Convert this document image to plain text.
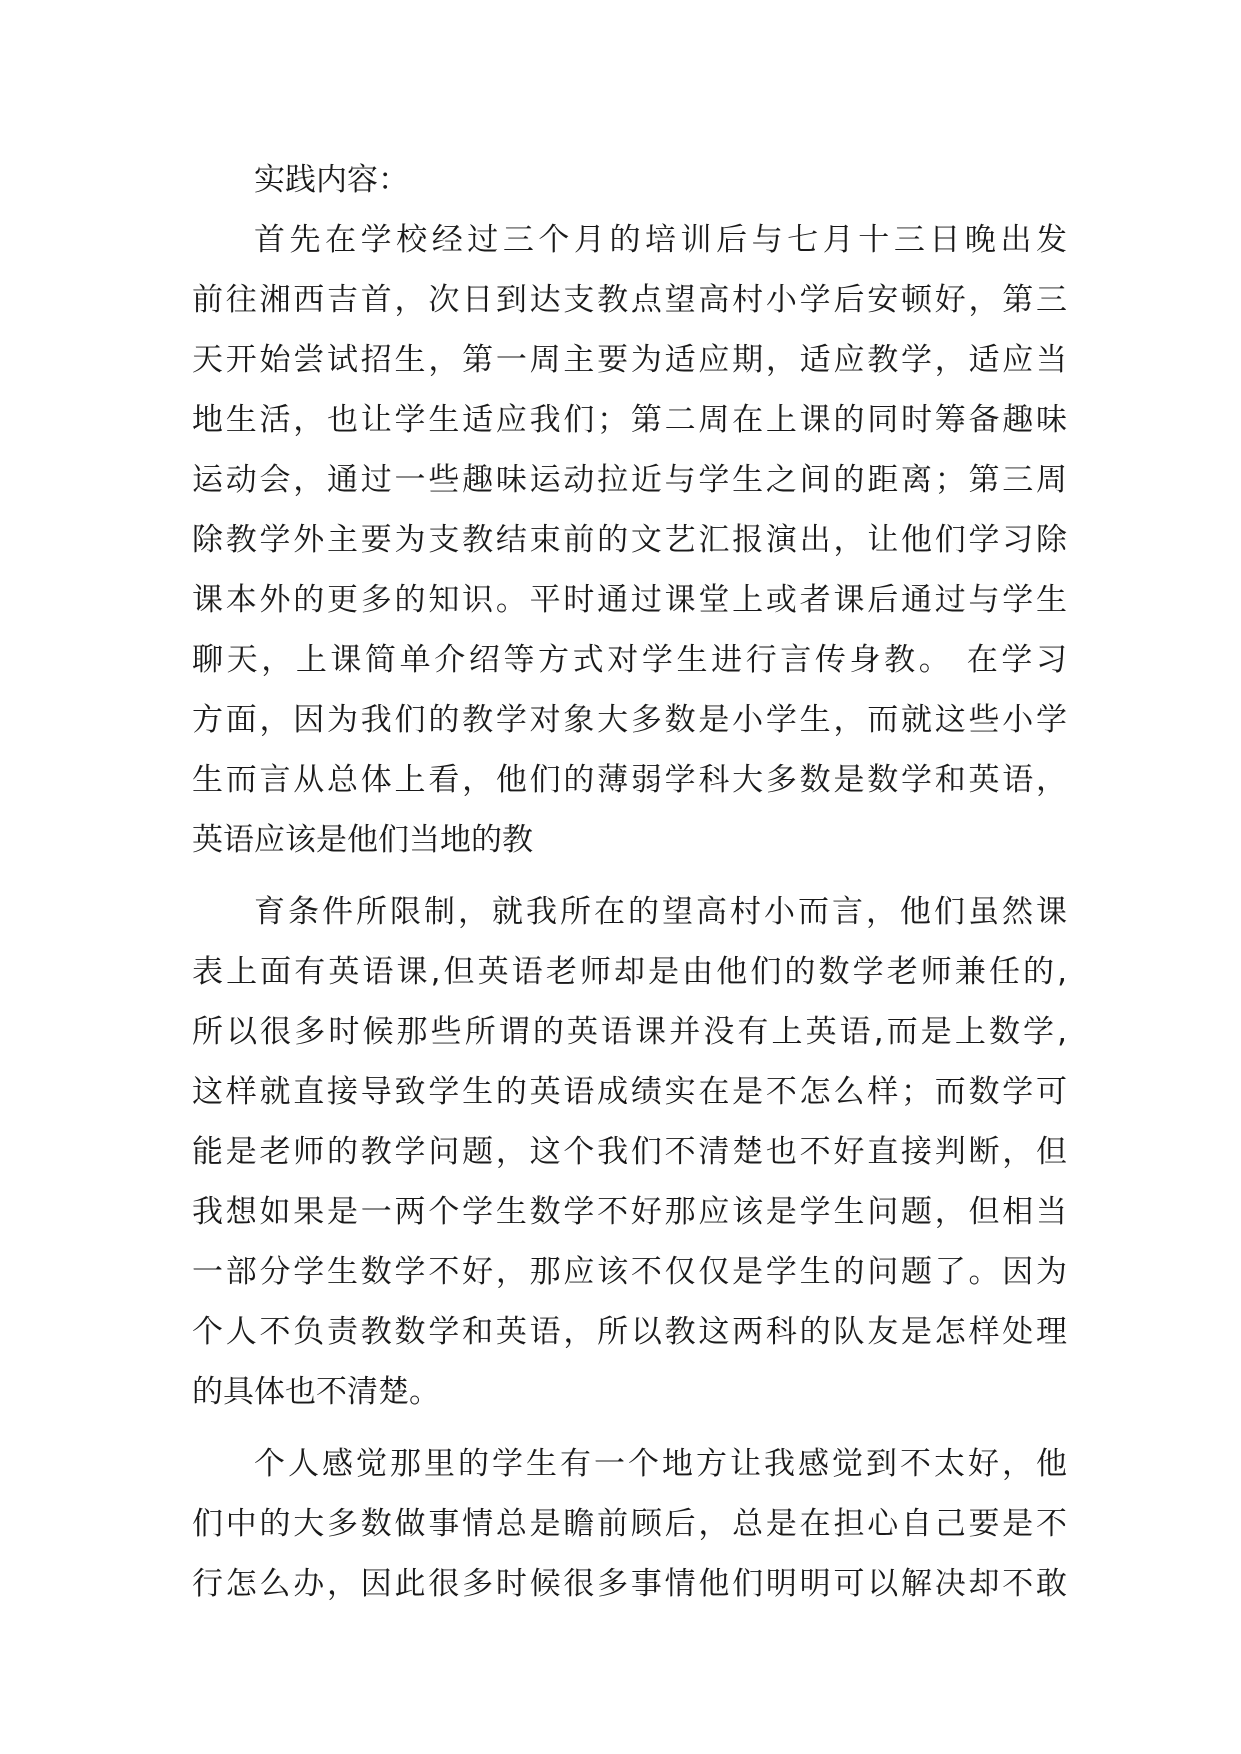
实践内容：
首先在学校经过三个月的培训后与七月十三日晚出发
前往湘西吉首，次日到达支教点望高村小学后安顿好，第三
天开始尝试招生，第一周主要为适应期，适应教学，适应当
地生活，也让学生适应我们；第二周在上课的同时筹备趣味
运动会，通过一些趣味运动拉近与学生之间的距离；第三周
除教学外主要为支教结束前的文艺汇报演出，让他们学习除
课本外的更多的知识。平时通过课堂上或者课后通过与学生
聊天，上课简单介绍等方式对学生进行言传身教。 在学习
方面，因为我们的教学对象大多数是小学生，而就这些小学
生而言从总体上看，他们的薄弱学科大多数是数学和英语，
英语应该是他们当地的教
育条件所限制，就我所在的望高村小而言，他们虽然课
表上面有英语课,但英语老师却是由他们的数学老师兼任的,
所以很多时候那些所谓的英语课并没有上英语,而是上数学,
这样就直接导致学生的英语成绩实在是不怎么样；而数学可
能是老师的教学问题，这个我们不清楚也不好直接判断，但
我想如果是一两个学生数学不好那应该是学生问题，但相当
一部分学生数学不好，那应该不仅仅是学生的问题了。因为
个人不负责教数学和英语，所以教这两科的队友是怎样处理
的具体也不清楚。
个人感觉那里的学生有一个地方让我感觉到不太好，他
们中的大多数做事情总是瞻前顾后，总是在担心自己要是不
行怎么办，因此很多时候很多事情他们明明可以解决却不敢
